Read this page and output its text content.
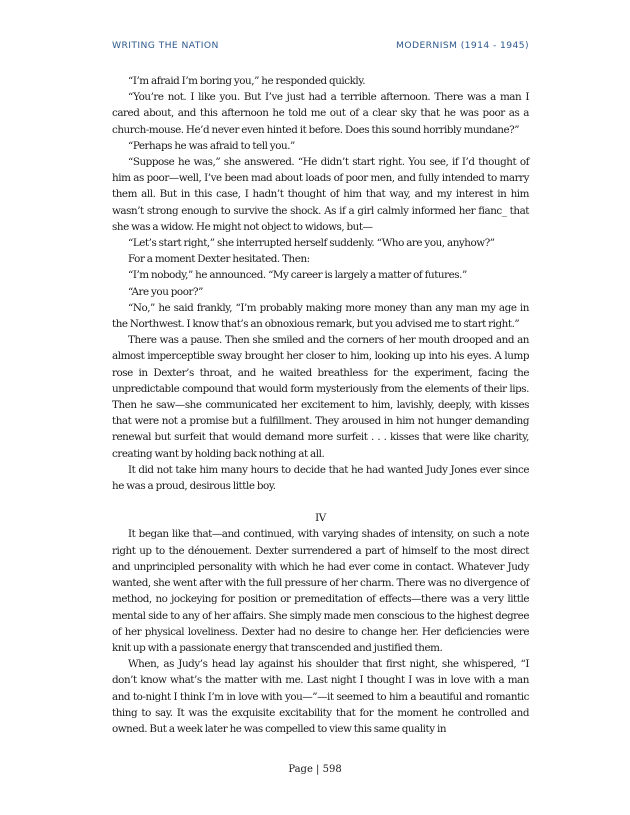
WRITING THE NATION	MODERNISM (1914 - 1945)

“I’m afraid I’m boring you,” he responded quickly.

“You’re not. I like you. But I’ve just had a terrible afternoon. There was a man I cared about, and this afternoon he told me out of a clear sky that he was poor as a church-mouse. He’d never even hinted it before. Does this sound horribly mundane?”

“Perhaps he was afraid to tell you.”

“Suppose he was,” she answered. “He didn’t start right. You see, if I’d thought of him as poor—well, I’ve been mad about loads of poor men, and fully intended to marry them all. But in this case, I hadn’t thought of him that way, and my interest in him wasn’t strong enough to survive the shock. As if a girl calmly informed her fianc_ that she was a widow. He might not object to widows, but—

“Let’s start right,” she interrupted herself suddenly. “Who are you, anyhow?”

For a moment Dexter hesitated. Then:

“I’m nobody,” he announced. “My career is largely a matter of futures.”

“Are you poor?”

“No,” he said frankly, “I’m probably making more money than any man my age in the Northwest. I know that’s an obnoxious remark, but you advised me to start right.”

There was a pause. Then she smiled and the corners of her mouth drooped and an almost imperceptible sway brought her closer to him, looking up into his eyes. A lump rose in Dexter’s throat, and he waited breathless for the experiment, facing the unpredictable compound that would form mysteriously from the elements of their lips. Then he saw—she communicated her excitement to him, lavishly, deeply, with kisses that were not a promise but a fulfillment. They aroused in him not hunger demanding renewal but surfeit that would demand more surfeit . . . kisses that were like charity, creating want by holding back nothing at all.

It did not take him many hours to decide that he had wanted Judy Jones ever since he was a proud, desirous little boy.

IV

It began like that—and continued, with varying shades of intensity, on such a note right up to the dénouement. Dexter surrendered a part of himself to the most direct and unprincipled personality with which he had ever come in contact. Whatever Judy wanted, she went after with the full pressure of her charm. There was no divergence of method, no jockeying for position or premeditation of effects—there was a very little mental side to any of her affairs. She simply made men conscious to the highest degree of her physical loveliness. Dexter had no desire to change her. Her deficiencies were knit up with a passionate energy that transcended and justified them.

When, as Judy’s head lay against his shoulder that first night, she whispered, “I don’t know what’s the matter with me. Last night I thought I was in love with a man and to-night I think I’m in love with you—”—it seemed to him a beautiful and romantic thing to say. It was the exquisite excitability that for the moment he controlled and owned. But a week later he was compelled to view this same quality in

Page | 598
